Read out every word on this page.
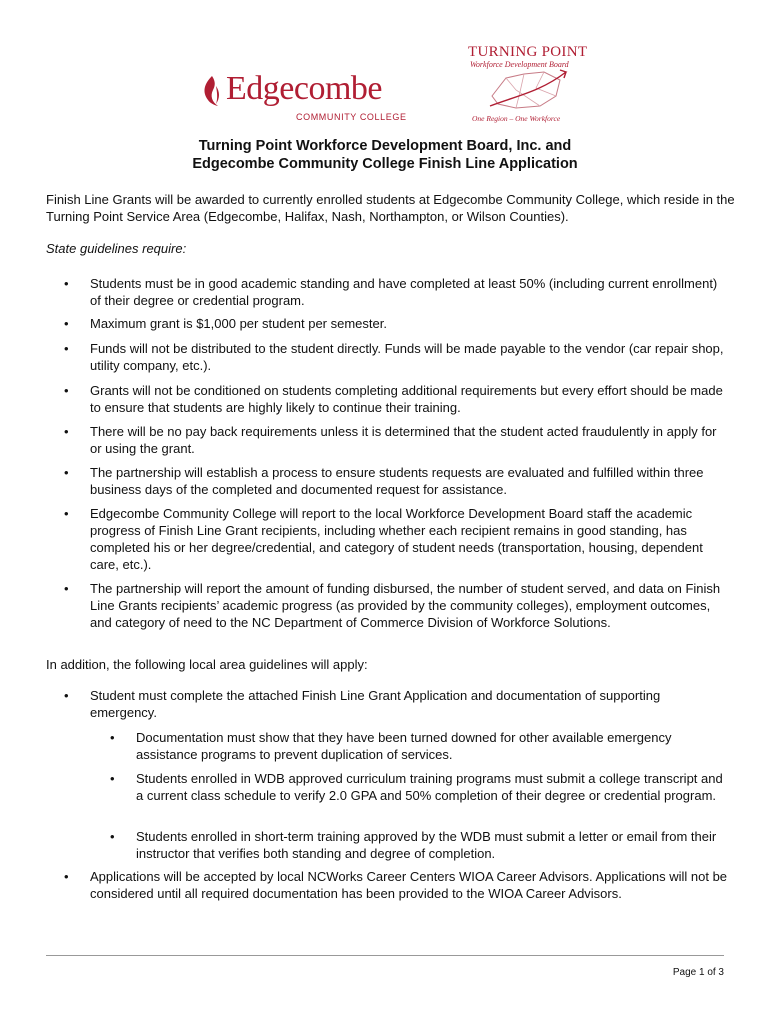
Edgecombe
COMMUNITY COLLEGE
TURNING POINT
Workforce Development Board
One Region – One Workforce
Turning Point Workforce Development Board, Inc. and
Edgecombe Community College Finish Line Application
Finish Line Grants will be awarded to currently enrolled students at Edgecombe Community College, which reside in the Turning Point Service Area (Edgecombe, Halifax, Nash, Northampton, or Wilson Counties).
State guidelines require:
• Students must be in good academic standing and have completed at least 50% (including current enrollment) of their degree or credential program.
• Maximum grant is $1,000 per student per semester.
• Funds will not be distributed to the student directly. Funds will be made payable to the vendor (car repair shop, utility company, etc.).
• Grants will not be conditioned on students completing additional requirements but every effort should be made to ensure that students are highly likely to continue their training.
• There will be no pay back requirements unless it is determined that the student acted fraudulently in apply for or using the grant.
• The partnership will establish a process to ensure students requests are evaluated and fulfilled within three business days of the completed and documented request for assistance.
• Edgecombe Community College will report to the local Workforce Development Board staff the academic progress of Finish Line Grant recipients, including whether each recipient remains in good standing, has completed his or her degree/credential, and category of student needs (transportation, housing, dependent care, etc.).
• The partnership will report the amount of funding disbursed, the number of student served, and data on Finish Line Grants recipients’ academic progress (as provided by the community colleges), employment outcomes, and category of need to the NC Department of Commerce Division of Workforce Solutions.
In addition, the following local area guidelines will apply:
• Student must complete the attached Finish Line Grant Application and documentation of supporting emergency.
• Documentation must show that they have been turned downed for other available emergency assistance programs to prevent duplication of services.
• Students enrolled in WDB approved curriculum training programs must submit a college transcript and a current class schedule to verify 2.0 GPA and 50% completion of their degree or credential program.
• Students enrolled in short-term training approved by the WDB must submit a letter or email from their instructor that verifies both standing and degree of completion.
• Applications will be accepted by local NCWorks Career Centers WIOA Career Advisors. Applications will not be considered until all required documentation has been provided to the WIOA Career Advisors.
Page 1 of 3
